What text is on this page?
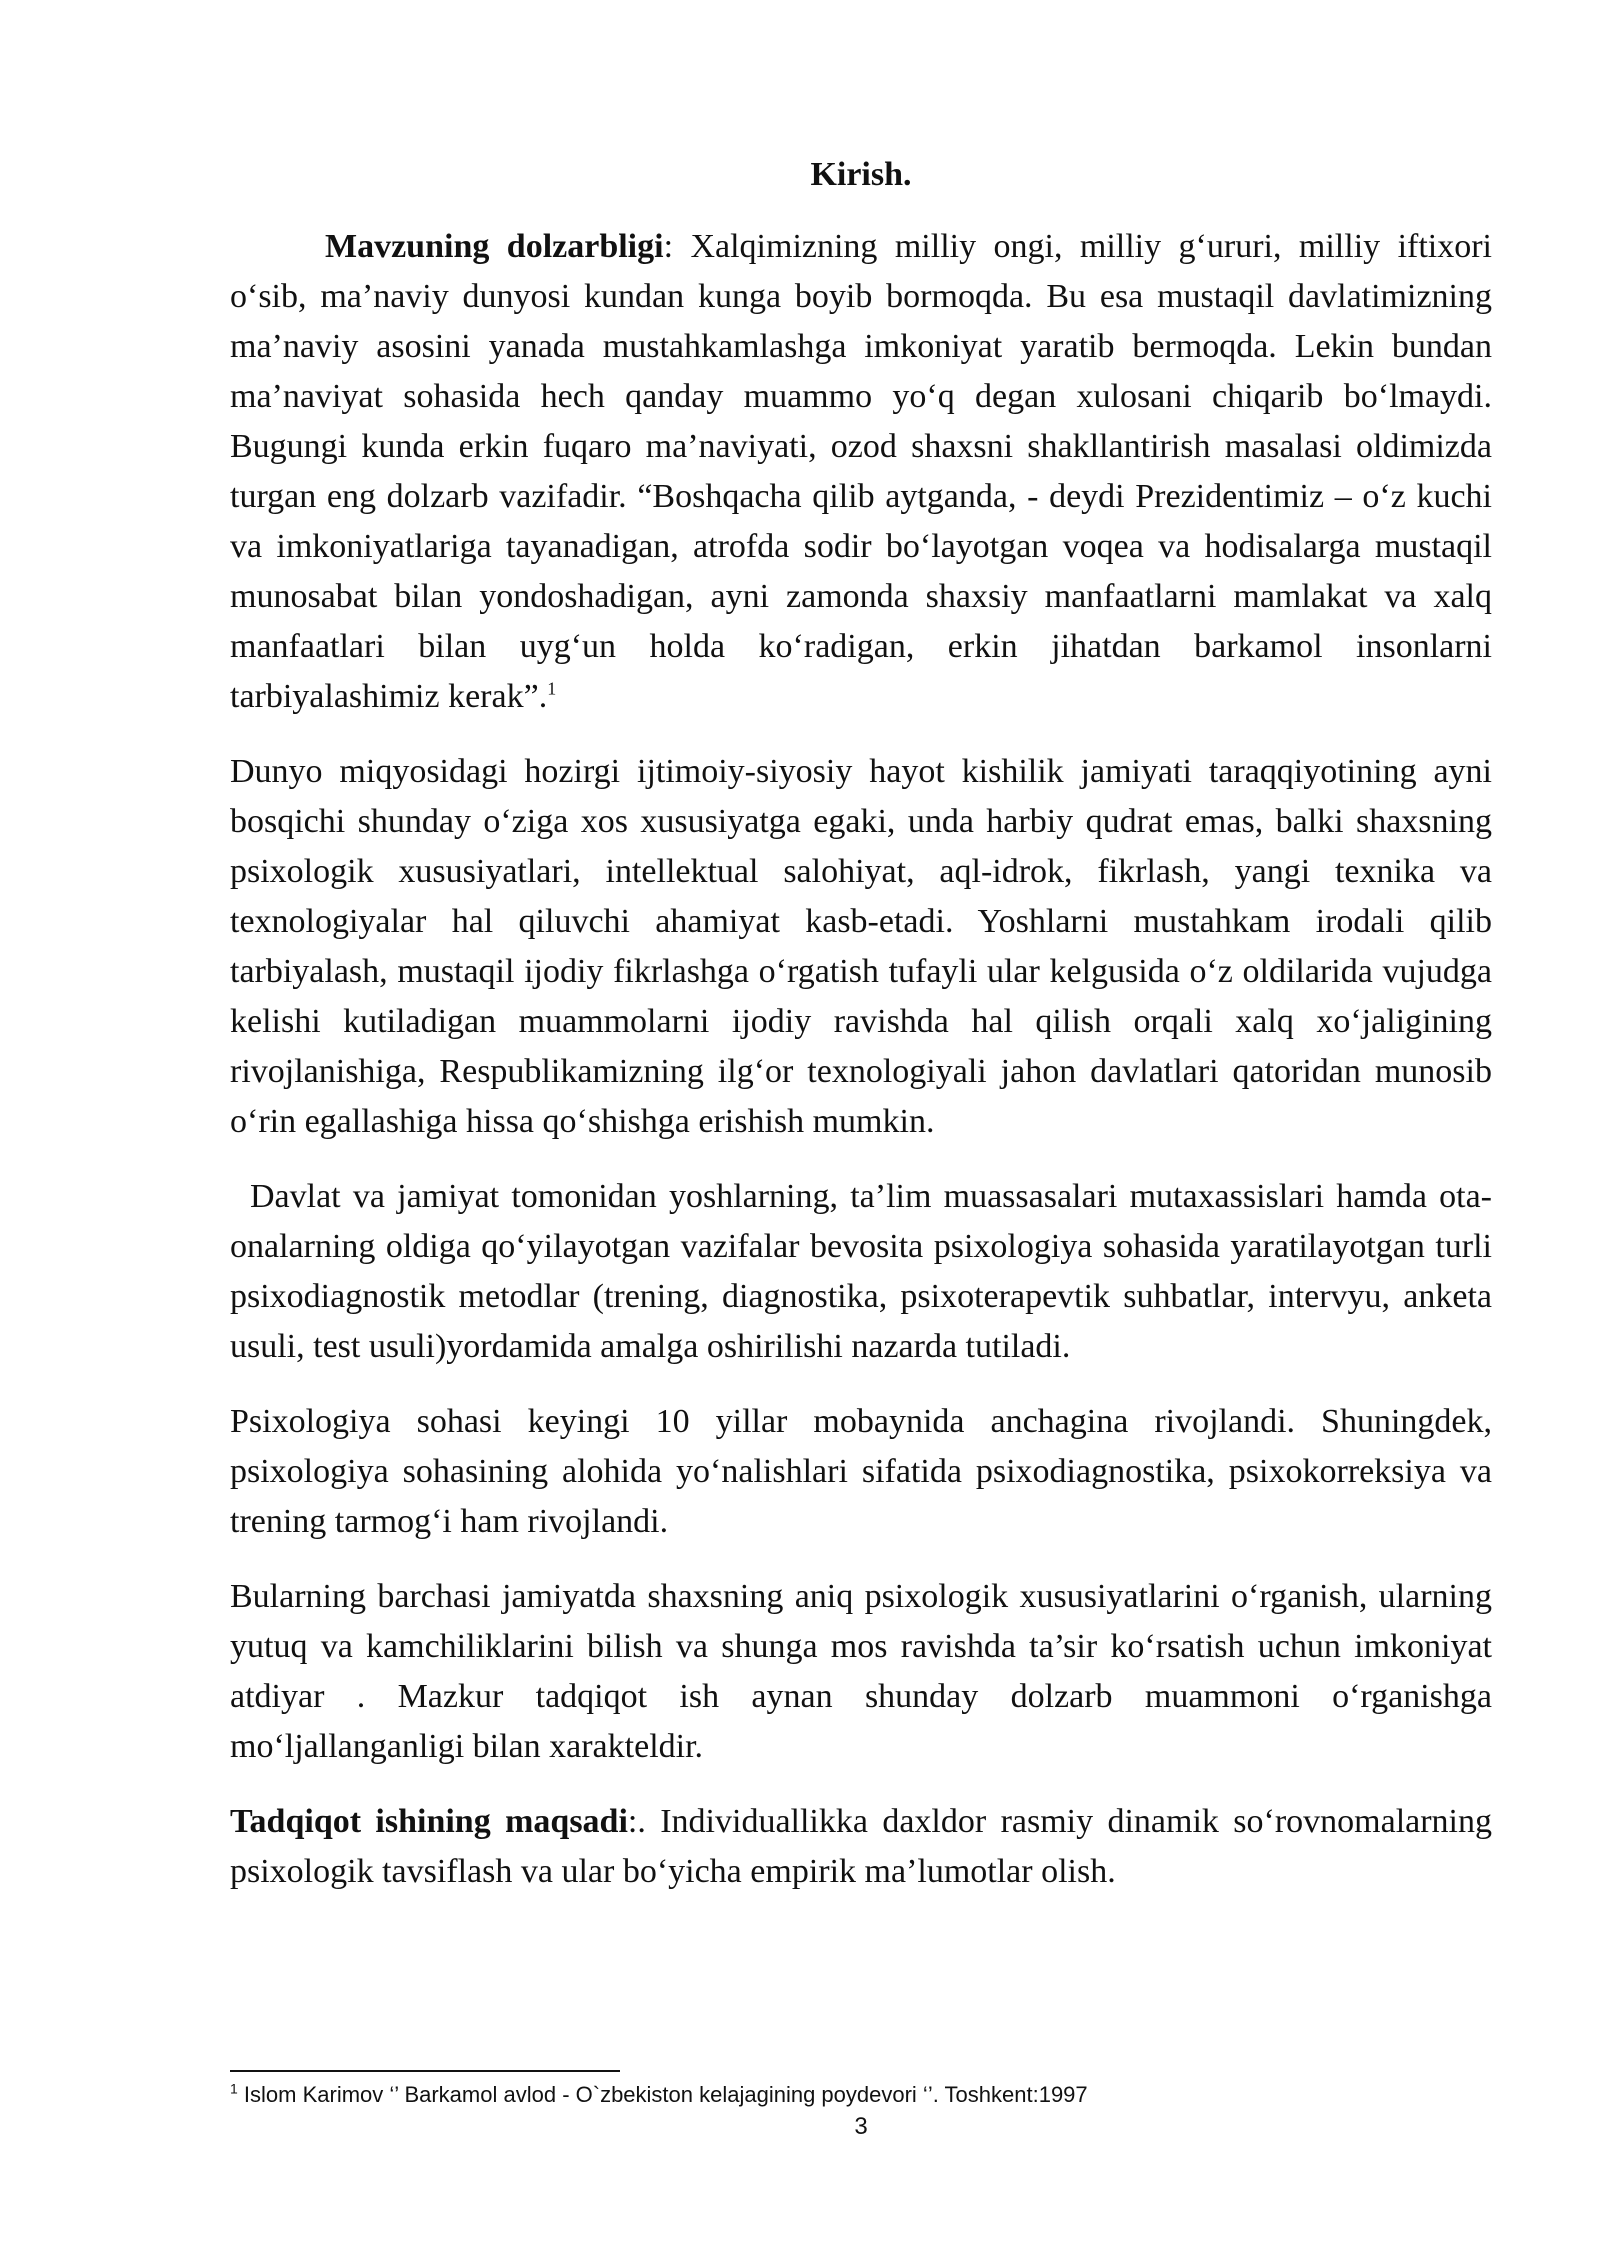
Kirish.

Mavzuning dolzarbligi: Xalqimizning milliy ongi, milliy g‘ururi, milliy iftixori o‘sib, ma’naviy dunyosi kundan kunga boyib bormoqda. Bu esa mustaqil davlatimizning ma’naviy asosini yanada mustahkamlashga imkoniyat yaratib bermoqda. Lekin bundan ma’naviyat sohasida hech qanday muammo yo‘q degan xulosani chiqarib bo‘lmaydi. Bugungi kunda erkin fuqaro ma’naviyati, ozod shaxsni shakllantirish masalasi oldimizda turgan eng dolzarb vazifadir. “Boshqacha qilib aytganda, - deydi Prezidentimiz – o‘z kuchi va imkoniyatlariga tayanadigan, atrofda sodir bo‘layotgan voqea va hodisalarga mustaqil munosabat bilan yondoshadigan, ayni zamonda shaxsiy manfaatlarni mamlakat va xalq manfaatlari bilan uyg‘un holda ko‘radigan, erkin jihatdan barkamol insonlarni tarbiyalashimiz kerak”.$^1$

Dunyo miqyosidagi hozirgi ijtimoiy-siyosiy hayot kishilik jamiyati taraqqiyotining ayni bosqichi shunday o‘ziga xos xususiyatga egaki, unda harbiy qudrat emas, balki shaxsning psixologik xususiyatlari, intellektual salohiyat, aql-idrok, fikrlash, yangi texnika va texnologiyalar hal qiluvchi ahamiyat kasb-etadi. Yoshlarni mustahkam irodali qilib tarbiyalash, mustaqil ijodiy fikrlashga o‘rgatish tufayli ular kelgusida o‘z oldilarida vujudga kelishi kutiladigan muammolarni ijodiy ravishda hal qilish orqali xalq xo‘jaligining rivojlanishiga, Respublikamizning ilg‘or texnologiyali jahon davlatlari qatoridan munosib o‘rin egallashiga hissa qo‘shishga erishish mumkin.

Davlat va jamiyat tomonidan yoshlarning, ta’lim muassasalari mutaxassislari hamda ota-onalarning oldiga qo‘yilayotgan vazifalar bevosita psixologiya sohasida yaratilayotgan turli psixodiagnostik metodlar (trening, diagnostika, psixoterapevtik suhbatlar, intervyu, anketa usuli, test usuli)yordamida amalga oshirilishi nazarda tutiladi.

Psixologiya sohasi keyingi 10 yillar mobaynida anchagina rivojlandi. Shuningdek, psixologiya sohasining alohida yo‘nalishlari sifatida psixodiagnostika, psixokorreksiya va trening tarmog‘i ham rivojlandi.

Bularning barchasi jamiyatda shaxsning aniq psixologik xususiyatlarini o‘rganish, ularning yutuq va kamchiliklarini bilish va shunga mos ravishda ta’sir ko‘rsatish uchun imkoniyat atdiyar . Mazkur tadqiqot ish aynan shunday dolzarb muammoni o‘rganishga mo‘ljallanganligi bilan xarakteldir.

Tadqiqot ishining maqsadi:. Individuallikka daxldor rasmiy dinamik so‘rovnomalarning psixologik tavsiflash va ular bo‘yicha empirik ma’lumotlar olish.

$^1$ Islom Karimov ‘’ Barkamol avlod - O`zbekiston kelajagining poydevori ‘’. Toshkent:1997
3
